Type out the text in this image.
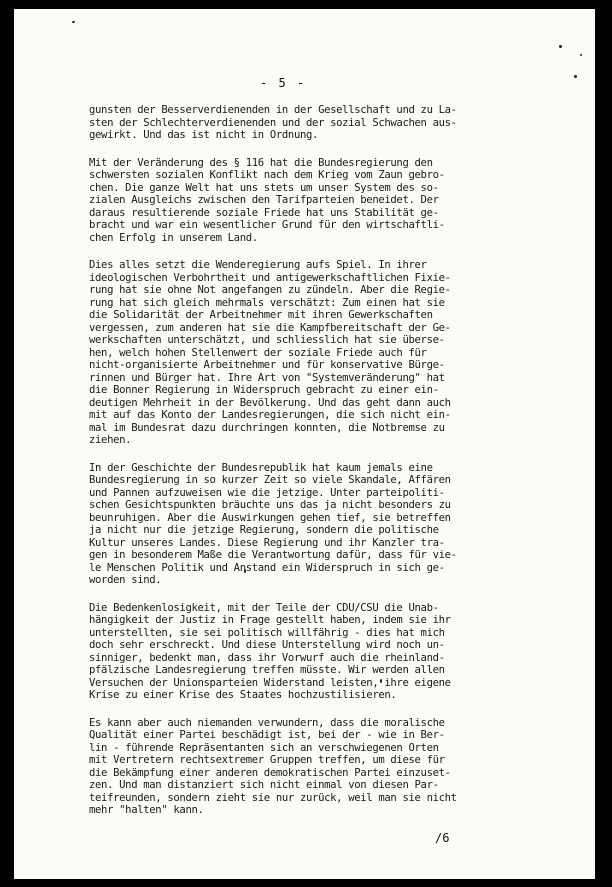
- 5 -
gunsten der Besserverdienenden in der Gesellschaft und zu La-
sten der Schlechterverdienenden und der sozial Schwachen aus-
gewirkt. Und das ist nicht in Ordnung.
Mit der Veränderung des § 116 hat die Bundesregierung den
schwersten sozialen Konflikt nach dem Krieg vom Zaun gebro-
chen. Die ganze Welt hat uns stets um unser System des so-
zialen Ausgleichs zwischen den Tarifparteien beneidet. Der
daraus resultierende soziale Friede hat uns Stabilität ge-
bracht und war ein wesentlicher Grund für den wirtschaftli-
chen Erfolg in unserem Land.
Dies alles setzt die Wenderegierung aufs Spiel. In ihrer
ideologischen Verbohrtheit und antigewerkschaftlichen Fixie-
rung hat sie ohne Not angefangen zu zündeln. Aber die Regie-
rung hat sich gleich mehrmals verschätzt: Zum einen hat sie
die Solidarität der Arbeitnehmer mit ihren Gewerkschaften
vergessen, zum anderen hat sie die Kampfbereitschaft der Ge-
werkschaften unterschätzt, und schliesslich hat sie überse-
hen, welch hohen Stellenwert der soziale Friede auch für
nicht-organisierte Arbeitnehmer und für konservative Bürge-
rinnen und Bürger hat. Ihre Art von "Systemveränderung" hat
die Bonner Regierung in Widerspruch gebracht zu einer ein-
deutigen Mehrheit in der Bevölkerung. Und das geht dann auch
mit auf das Konto der Landesregierungen, die sich nicht ein-
mal im Bundesrat dazu durchringen konnten, die Notbremse zu
ziehen.
In der Geschichte der Bundesrepublik hat kaum jemals eine
Bundesregierung in so kurzer Zeit so viele Skandale, Affären
und Pannen aufzuweisen wie die jetzige. Unter parteipoliti-
schen Gesichtspunkten bräuchte uns das ja nicht besonders zu
beunruhigen. Aber die Auswirkungen gehen tief, sie betreffen
ja nicht nur die jetzige Regierung, sondern die politische
Kultur unseres Landes. Diese Regierung und ihr Kanzler tra-
gen in besonderem Maße die Verantwortung dafür, dass für vie-
le Menschen Politik und Anstand ein Widerspruch in sich ge-
worden sind.
Die Bedenkenlosigkeit, mit der Teile der CDU/CSU die Unab-
hängigkeit der Justiz in Frage gestellt haben, indem sie ihr
unterstellten, sie sei politisch willfährig - dies hat mich
doch sehr erschreckt. Und diese Unterstellung wird noch un-
sinniger, bedenkt man, dass ihr Vorwurf auch die rheinland-
pfälzische Landesregierung treffen müsste. Wir werden allen
Versuchen der Unionsparteien Widerstand leisten, ihre eigene
Krise zu einer Krise des Staates hochzustilisieren.
Es kann aber auch niemanden verwundern, dass die moralische
Qualität einer Partei beschädigt ist, bei der - wie in Ber-
lin - führende Repräsentanten sich an verschwiegenen Orten
mit Vertretern rechtsextremer Gruppen treffen, um diese für
die Bekämpfung einer anderen demokratischen Partei einzuset-
zen. Und man distanziert sich nicht einmal von diesen Par-
teifreunden, sondern zieht sie nur zurück, weil man sie nicht
mehr "halten" kann.
/6
